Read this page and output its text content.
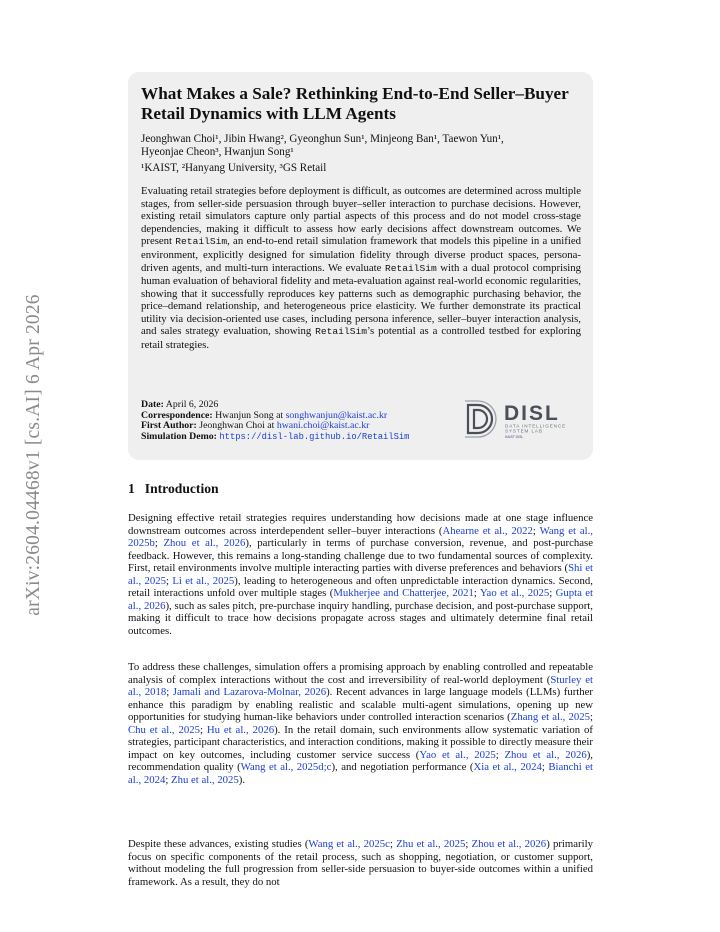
arXiv:2604.04468v1 [cs.AI] 6 Apr 2026
What Makes a Sale? Rethinking End-to-End Seller–Buyer Retail Dynamics with LLM Agents
Jeonghwan Choi¹, Jibin Hwang², Gyeonghun Sun¹, Minjeong Ban¹, Taewon Yun¹,
Hyeonjae Cheon³, Hwanjun Song¹
¹KAIST, ²Hanyang University, ³GS Retail
Evaluating retail strategies before deployment is difficult, as outcomes are determined across multiple stages, from seller-side persuasion through buyer–seller interaction to purchase decisions. However, existing retail simulators capture only partial aspects of this process and do not model cross-stage dependencies, making it difficult to assess how early decisions affect downstream outcomes. We present RetailSim, an end-to-end retail simulation framework that models this pipeline in a unified environment, explicitly designed for simulation fidelity through diverse product spaces, persona-driven agents, and multi-turn interactions. We evaluate RetailSim with a dual protocol comprising human evaluation of behavioral fidelity and meta-evaluation against real-world economic regularities, showing that it successfully reproduces key patterns such as demographic purchasing behavior, the price–demand relationship, and heterogeneous price elasticity. We further demonstrate its practical utility via decision-oriented use cases, including persona inference, seller–buyer interaction analysis, and sales strategy evaluation, showing RetailSim’s potential as a controlled testbed for exploring retail strategies.
Date: April 6, 2026
Correspondence: Hwanjun Song at songhwanjun@kaist.ac.kr
First Author: Jeonghwan Choi at hwani.choi@kaist.ac.kr
Simulation Demo: https://disl-lab.github.io/RetailSim
DISL
DATA INTELLIGENCE
SYSTEM LAB
KAIST DISL
1 Introduction

Designing effective retail strategies requires understanding how decisions made at one stage influence downstream outcomes across interdependent seller–buyer interactions (Ahearne et al., 2022; Wang et al., 2025b; Zhou et al., 2026), particularly in terms of purchase conversion, revenue, and post-purchase feedback. However, this remains a long-standing challenge due to two fundamental sources of complexity. First, retail environments involve multiple interacting parties with diverse preferences and behaviors (Shi et al., 2025; Li et al., 2025), leading to heterogeneous and often unpredictable interaction dynamics. Second, retail interactions unfold over multiple stages (Mukherjee and Chatterjee, 2021; Yao et al., 2025; Gupta et al., 2026), such as sales pitch, pre-purchase inquiry handling, purchase decision, and post-purchase support, making it difficult to trace how decisions propagate across stages and ultimately determine final retail outcomes.

To address these challenges, simulation offers a promising approach by enabling controlled and repeatable analysis of complex interactions without the cost and irreversibility of real-world deployment (Sturley et al., 2018; Jamali and Lazarova-Molnar, 2026). Recent advances in large language models (LLMs) further enhance this paradigm by enabling realistic and scalable multi-agent simulations, opening up new opportunities for studying human-like behaviors under controlled interaction scenarios (Zhang et al., 2025; Chu et al., 2025; Hu et al., 2026). In the retail domain, such environments allow systematic variation of strategies, participant characteristics, and interaction conditions, making it possible to directly measure their impact on key outcomes, including customer service success (Yao et al., 2025; Zhou et al., 2026), recommendation quality (Wang et al., 2025d;c), and negotiation performance (Xia et al., 2024; Bianchi et al., 2024; Zhu et al., 2025).

Despite these advances, existing studies (Wang et al., 2025c; Zhu et al., 2025; Zhou et al., 2026) primarily focus on specific components of the retail process, such as shopping, negotiation, or customer support, without modeling the full progression from seller-side persuasion to buyer-side outcomes within a unified framework. As a result, they do not
